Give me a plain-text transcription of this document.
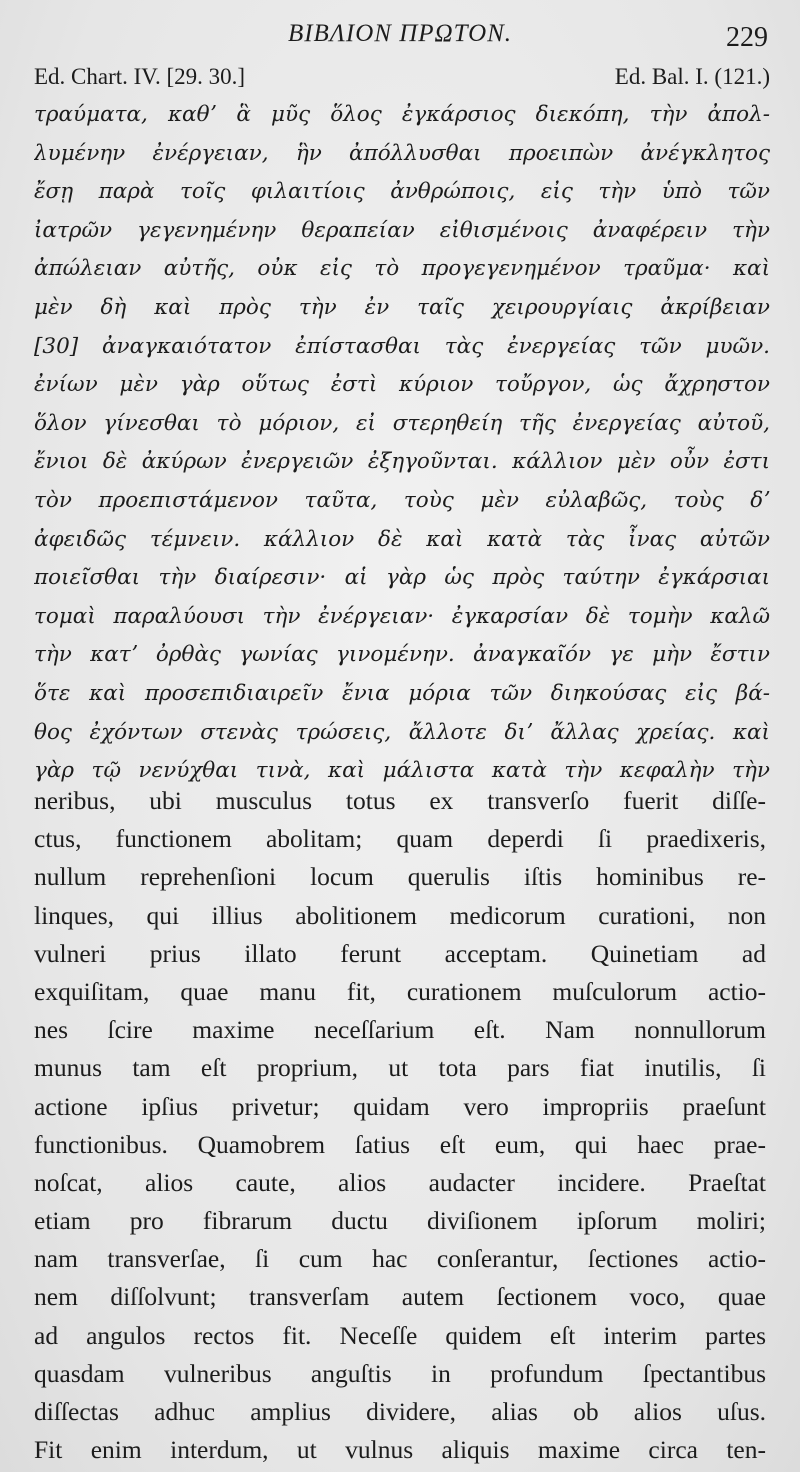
ΒΙΒΛΙΟΝ ΠΡΩΤΟΝ.	229
Ed. Chart. IV. [29. 30.]	Ed. Bal. I. (121.)
τραύματα, καθʼ ἃ μῦς ὅλος ἐγκάρσιος διεκόπη, τὴν ἀπολ-
λυμένην ἐνέργειαν, ἣν ἀπόλλυσθαι προειπὼν ἀνέγκλητος
ἔσῃ παρὰ τοῖς φιλαιτίοις ἀνθρώποις, εἰς τὴν ὑπὸ τῶν
ἰατρῶν γεγενημένην θεραπείαν εἰθισμένοις ἀναφέρειν τὴν
ἀπώλειαν αὐτῆς, οὐκ εἰς τὸ προγεγενημένον τραῦμα· καὶ
μὲν δὴ καὶ πρὸς τὴν ἐν ταῖς χειρουργίαις ἀκρίβειαν
[30] ἀναγκαιότατον ἐπίστασθαι τὰς ἐνεργείας τῶν μυῶν.
ἐνίων μὲν γὰρ οὕτως ἐστὶ κύριον τοὔργον, ὡς ἄχρηστον
ὅλον γίνεσθαι τὸ μόριον, εἰ στερηθείη τῆς ἐνεργείας αὐτοῦ,
ἔνιοι δὲ ἀκύρων ἐνεργειῶν ἐξηγοῦνται. κάλλιον μὲν οὖν ἐστι
τὸν προεπιστάμενον ταῦτα, τοὺς μὲν εὐλαβῶς, τοὺς δʼ
ἀφειδῶς τέμνειν. κάλλιον δὲ καὶ κατὰ τὰς ἶνας αὐτῶν
ποιεῖσθαι τὴν διαίρεσιν· αἱ γὰρ ὡς πρὸς ταύτην ἐγκάρσιαι
τομαὶ παραλύουσι τὴν ἐνέργειαν· ἐγκαρσίαν δὲ τομὴν καλῶ
τὴν κατʼ ὀρθὰς γωνίας γινομένην. ἀναγκαῖόν γε μὴν ἔστιν
ὅτε καὶ προσεπιδιαιρεῖν ἔνια μόρια τῶν διηκούσας εἰς βά-
θος ἐχόντων στενὰς τρώσεις, ἄλλοτε διʼ ἄλλας χρείας. καὶ
γὰρ τῷ νενύχθαι τινὰ, καὶ μάλιστα κατὰ τὴν κεφαλὴν τὴν
neribus, ubi musculus totus ex transverſo fuerit diſſe-
ctus, functionem abolitam; quam deperdi ſi praedixeris,
nullum reprehenſioni locum querulis iſtis hominibus re-
linques, qui illius abolitionem medicorum curationi, non
vulneri prius illato ferunt acceptam. Quinetiam ad
exquiſitam, quae manu fit, curationem muſculorum actio-
nes ſcire maxime neceſſarium eſt. Nam nonnullorum
munus tam eſt proprium, ut tota pars fiat inutilis, ſi
actione ipſius privetur; quidam vero impropriis praeſunt
functionibus. Quamobrem ſatius eſt eum, qui haec prae-
noſcat, alios caute, alios audacter incidere. Praeſtat
etiam pro fibrarum ductu diviſionem ipſorum moliri;
nam transverſae, ſi cum hac conſerantur, ſectiones actio-
nem diſſolvunt; transverſam autem ſectionem voco, quae
ad angulos rectos fit. Neceſſe quidem eſt interim partes
quasdam vulneribus anguſtis in profundum ſpectantibus
diſſectas adhuc amplius dividere, alias ob alios uſus.
Fit enim interdum, ut vulnus aliquis maxime circa ten-
